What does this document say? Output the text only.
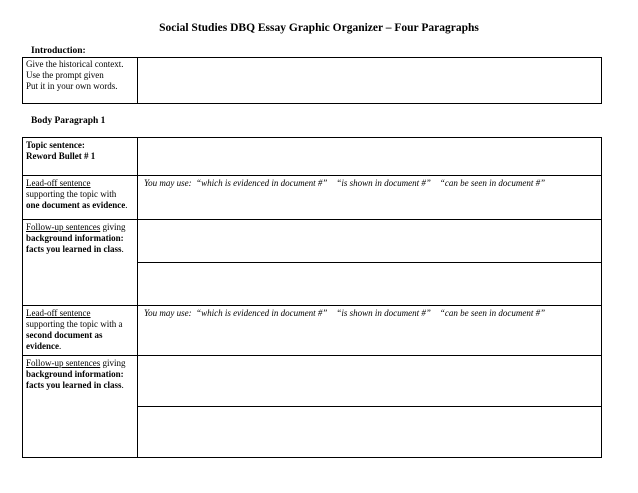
Social Studies DBQ Essay Graphic Organizer – Four Paragraphs
Introduction:
Give the historical context.
Use the prompt given
Put it in your own words.
Body Paragraph 1
Topic sentence:
Reword Bullet # 1
Lead-off sentence
supporting the topic with
one document as evidence.
You may use:  “which is evidenced in document #”    “is shown in document #”    “can be seen in document #”
Follow-up sentences giving
background information:
facts you learned in class.
Lead-off sentence
supporting the topic with a
second document as
evidence.
You may use:  “which is evidenced in document #”    “is shown in document #”    “can be seen in document #”
Follow-up sentences giving
background information:
facts you learned in class.
